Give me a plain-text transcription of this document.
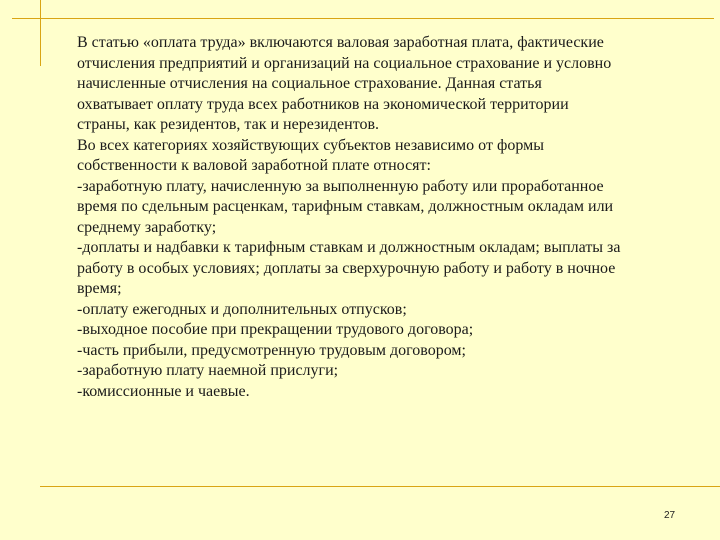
В статью «оплата труда» включаются валовая заработная плата, фактические
отчисления предприятий и организаций на социальное страхование и условно
начисленные отчисления на социальное страхование. Данная статья
охватывает оплату труда всех работников на экономической территории
страны, как резидентов, так и нерезидентов.
Во всех категориях хозяйствующих субъектов независимо от формы
собственности к валовой заработной плате относят:
-заработную плату, начисленную за выполненную работу или проработанное
время по сдельным расценкам, тарифным ставкам, должностным окладам или
среднему заработку;
-доплаты и надбавки к тарифным ставкам и должностным окладам; выплаты за
работу в особых условиях; доплаты за сверхурочную работу и работу в ночное
время;
-оплату ежегодных и дополнительных отпусков;
-выходное пособие при прекращении трудового договора;
-часть прибыли, предусмотренную трудовым договором;
-заработную плату наемной прислуги;
-комиссионные и чаевые.
27
